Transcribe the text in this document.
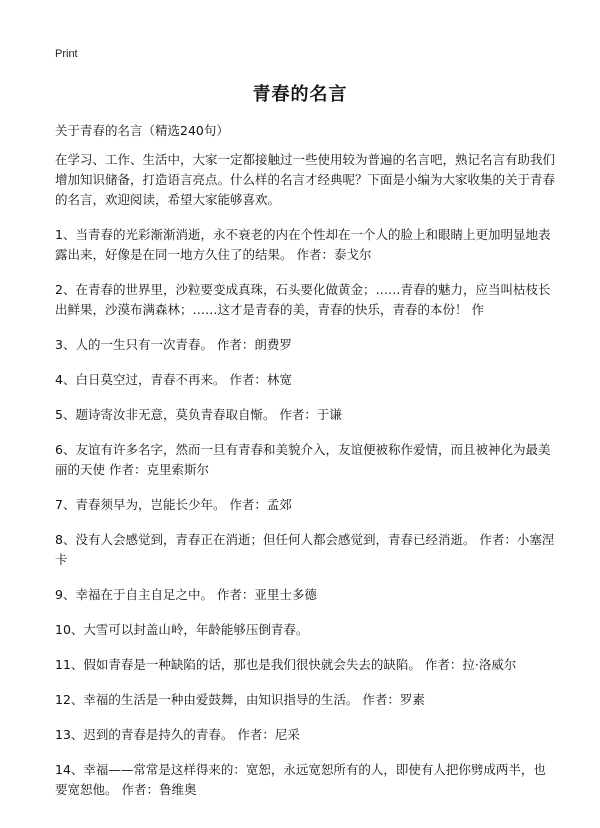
Print
青春的名言
关于青春的名言（精选240句）

在学习、工作、生活中，大家一定都接触过一些使用较为普遍的名言吧，熟记名言有助我们增加知识储备，打造语言亮点。什么样的名言才经典呢？下面是小编为大家收集的关于青春的名言，欢迎阅读，希望大家能够喜欢。

1、当青春的光彩渐渐消逝，永不衰老的内在个性却在一个人的脸上和眼睛上更加明显地表露出来，好像是在同一地方久住了的结果。 作者：泰戈尔

2、在青春的世界里，沙粒要变成真珠，石头要化做黄金；……青春的魅力，应当叫枯枝长出鲜果，沙漠布满森林；……这才是青春的美，青春的快乐，青春的本份！ 作

3、人的一生只有一次青春。 作者：朗费罗

4、白日莫空过，青春不再来。 作者：林宽

5、题诗寄汝非无意，莫负青春取自惭。 作者：于谦

6、友谊有许多名字，然而一旦有青春和美貌介入，友谊便被称作爱情，而且被神化为最美丽的天使 作者：克里索斯尔

7、青春须早为，岂能长少年。 作者：孟郊

8、没有人会感觉到，青春正在消逝；但任何人都会感觉到，青春已经消逝。 作者：小塞涅卡

9、幸福在于自主自足之中。 作者：亚里士多德

10、大雪可以封盖山岭，年龄能够压倒青春。

11、假如青春是一种缺陷的话，那也是我们很快就会失去的缺陷。 作者：拉·洛威尔

12、幸福的生活是一种由爱鼓舞，由知识指导的生活。 作者：罗素

13、迟到的青春是持久的青春。 作者：尼采

14、幸福——常常是这样得来的：宽恕，永远宽恕所有的人，即使有人把你劈成两半，也要宽恕他。 作者：鲁维奥
